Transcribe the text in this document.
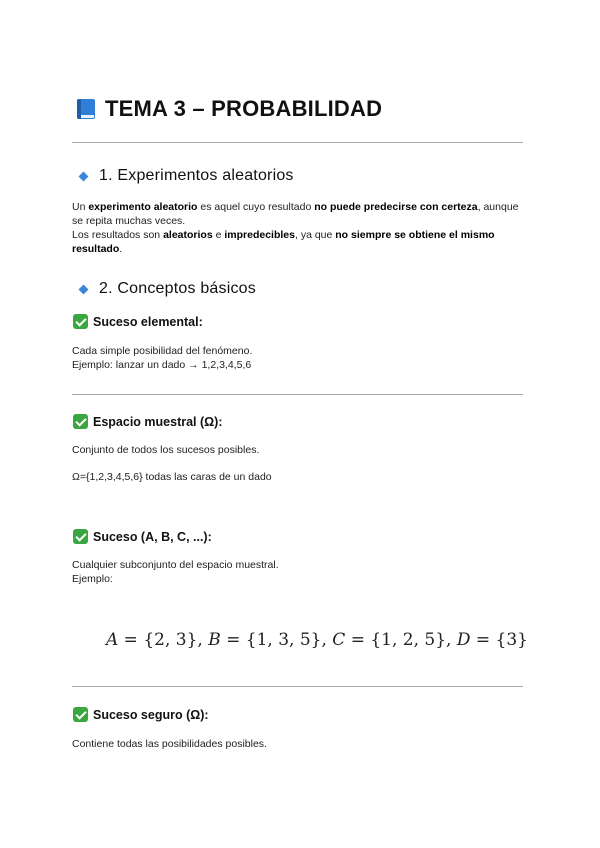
TEMA 3 – PROBABILIDAD
1. Experimentos aleatorios
Un experimento aleatorio es aquel cuyo resultado no puede predecirse con certeza, aunque se repita muchas veces.
Los resultados son aleatorios e impredecibles, ya que no siempre se obtiene el mismo resultado.
2. Conceptos básicos
Suceso elemental:
Cada simple posibilidad del fenómeno.
Ejemplo: lanzar un dado → 1,2,3,4,5,6
Espacio muestral (Ω):
Conjunto de todos los sucesos posibles.
Ω={1,2,3,4,5,6} todas las caras de un dado
Suceso (A, B, C, ...):
Cualquier subconjunto del espacio muestral.
Ejemplo:
A = {2, 3}, B = {1, 3, 5}, C = {1, 2, 5}, D = {3}
Suceso seguro (Ω):
Contiene todas las posibilidades posibles.
